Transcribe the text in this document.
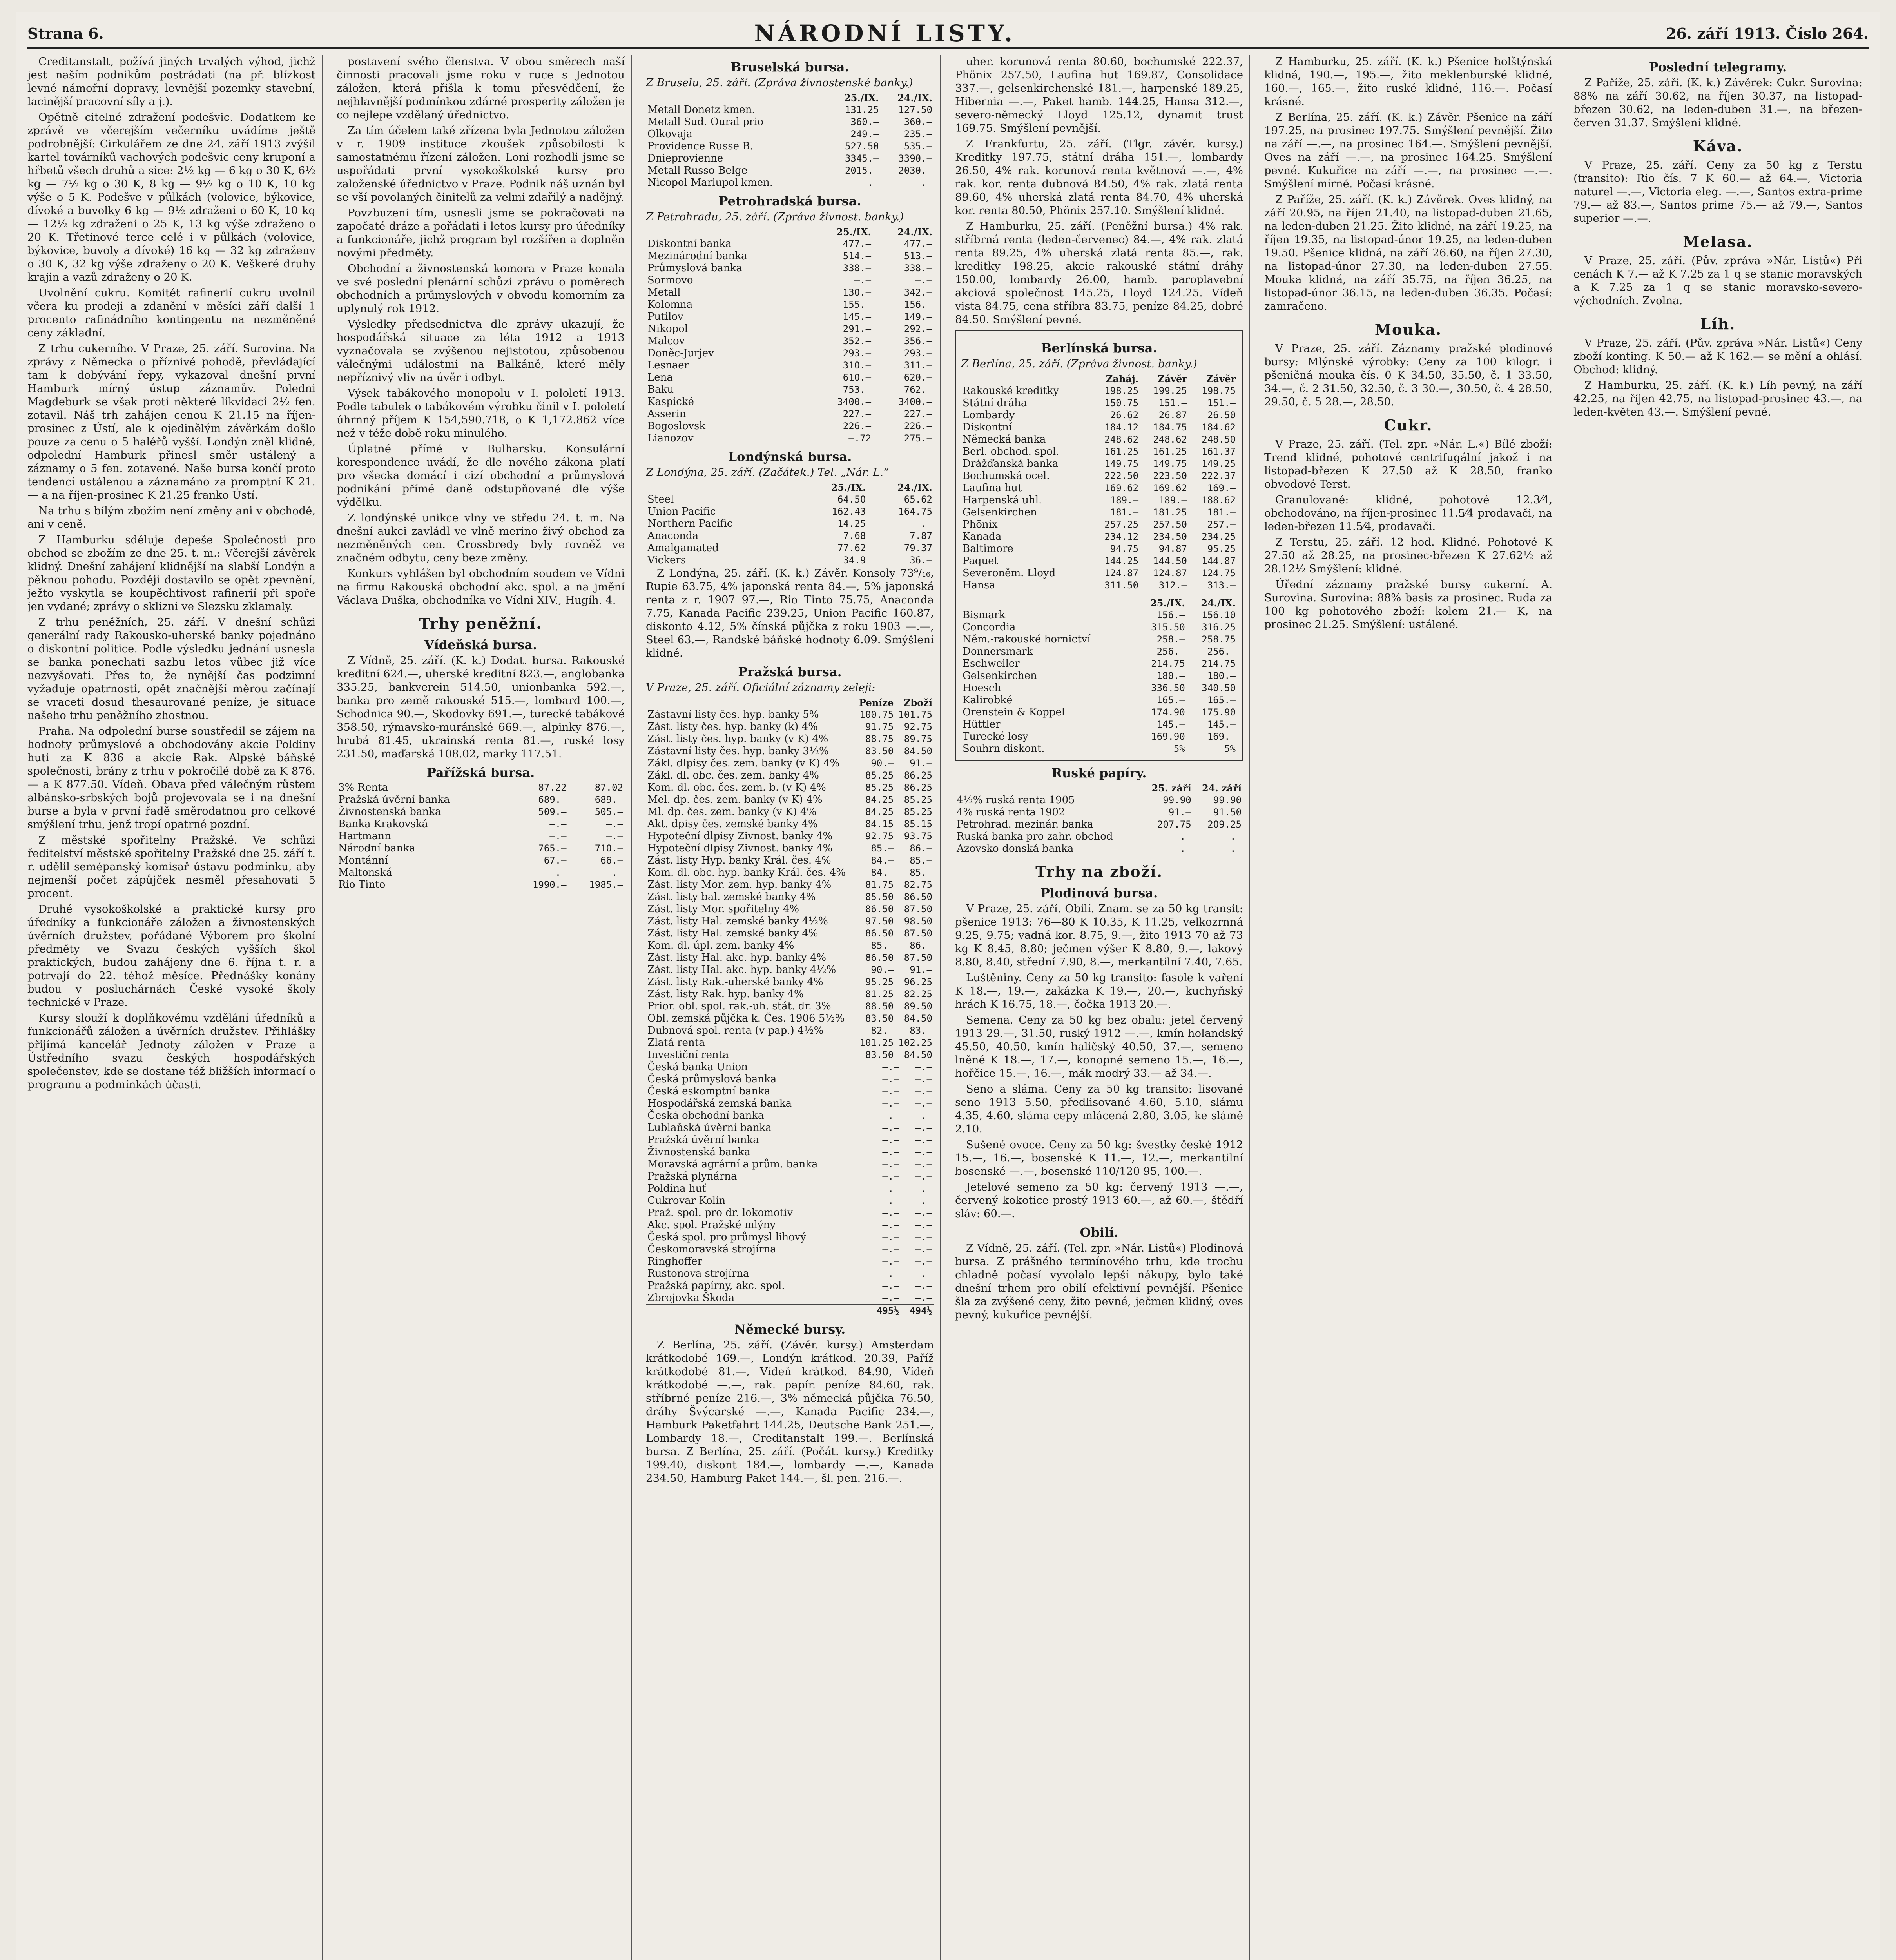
Strana 6.	NÁRODNÍ LISTY.	26. září 1913. Číslo 264.

Creditanstalt, požívá jiných trvalých výhod, jichž jest naším podnikům postrádati (na př. blízkost levné námořní dopravy, levnější pozemky stavební, lacinější pracovní síly a j.).

Opětně citelné zdražení podešvic. Dodatkem ke zprávě ve včerejším večerníku uvádíme ještě podrobnější: Cirkulářem ze dne 24. září 1913 zvýšil kartel továrníků vachových podešvic ceny kruponí a hřbetů všech druhů a sice: 2½ kg — 6 kg o 30 K, 6½ kg — 7½ kg o 30 K, 8 kg — 9½ kg o 10 K, 10 kg výše o 5 K. Podešve v půlkách (volovice, býkovice, dívoké a buvolky 6 kg — 9½ zdraženi o 60 K, 10 kg — 12½ kg zdraženi o 25 K, 13 kg výše zdraženo o 20 K. Třetinové terce celé i v půlkách (volovice, býkovice, buvoly a dívoké) 16 kg — 32 kg zdraženy o 30 K, 32 kg výše zdraženy o 20 K. Veškeré druhy krajin a vazů zdraženy o 20 K.

Uvolnění cukru. Komitét rafinerií cukru uvolnil včera ku prodeji a zdanění v měsíci září další 1 procento rafinádního kontingentu na nezměněné ceny základní.

Z trhu cukerního. V Praze, 25. září. Surovina. Na zprávy z Německa o příznivé pohodě, převládající tam k dobývání řepy, vykazoval dnešní první Hamburk mírný ústup záznamův. Poledni Magdeburk se však proti některé likvidaci 2½ fen. zotavil. Náš trh zahájen cenou K 21.15 na říjen-prosinec z Ústí, ale k ojedinělým závěrkám došlo pouze za cenu o 5 haléřů vyšší. Londýn zněl klidně, odpolední Hamburk přinesl směr ustálený a záznamy o 5 fen. zotavené. Naše bursa končí proto tendencí ustálenou a záznamáno za promptní K 21.— a na říjen-prosinec K 21.25 franko Ústí.

Na trhu s bílým zbožím není změny ani v obchodě, ani v ceně.

Z Hamburku sděluje depeše Společnosti pro obchod se zbožím ze dne 25. t. m.: Včerejší závěrek klidný. Dnešní zahájení klidnější na slabší Londýn a pěknou pohodu. Později dostavilo se opět zpevnění, ježto vyskytla se koupěchtivost rafinerií při spoře jen vydané; zprávy o sklizni ve Slezsku zklamaly.

Z trhu peněžních, 25. září. V dnešní schůzi generální rady Rakousko-uherské banky pojednáno o diskontní politice. Podle výsledku jednání usnesla se banka ponechati sazbu letos vůbec již více nezvyšovati. Přes to, že nynější čas podzimní vyžaduje opatrnosti, opět značnější měrou začínají se vraceti dosud thesaurované peníze, je situace našeho trhu peněžního zhostnou.

Praha. Na odpolední burse soustředil se zájem na hodnoty průmyslové a obchodovány akcie Poldiny huti za K 836 a akcie Rak. Alpské báňské společnosti, brány z trhu v pokročilé době za K 876.— a K 877.50. Vídeň. Obava před válečným růstem albánsko-srbských bojů projevovala se i na dnešní burse a byla v první řadě směrodatnou pro celkové smýšlení trhu, jenž tropí opatrné pozdní.

Z městské spořitelny Pražské. Ve schůzi ředitelství městské spořitelny Pražské dne 25. září t. r. udělil semépanský komisař ústavu podmínku, aby nejmenší počet zápůjček nesměl přesahovati 5 procent.

Druhé vysokoškolské a praktické kursy pro úředníky a funkcionáře záložen a živnostenských úvěrních družstev, pořádané Výborem pro školní předměty ve Svazu českých vyšších škol praktických, budou zahájeny dne 6. října t. r. a potrvají do 22. téhož měsíce. Přednášky konány budou v posluchárnách České vysoké školy technické v Praze.

Kursy slouží k doplňkovému vzdělání úředníků a funkcionářů záložen a úvěrních družstev. Přihlášky přijímá kancelář Jednoty záložen v Praze a Ústředního svazu českých hospodářských společenstev, kde se dostane též bližších informací o programu a podmínkách účasti.

postavení svého členstva. V obou směrech naší činnosti pracovali jsme roku v ruce s Jednotou záložen, která přišla k tomu přesvědčení, že nejhlavnější podmínkou zdárné prosperity záložen je co nejlepe vzdělaný úřednictvo.

Za tím účelem také zřízena byla Jednotou záložen v r. 1909 instituce zkoušek způsobilosti k samostatnému řízení záložen. Loni rozhodli jsme se uspořádati první vysokoškolské kursy pro založenské úřednictvo v Praze. Podnik náš uznán byl se vší povolaných činitelů za velmi zdařilý a nadějný.

Povzbuzeni tím, usnesli jsme se pokračovati na započaté dráze a pořádati i letos kursy pro úředníky a funkcionáře, jichž program byl rozšířen a doplněn novými předměty.

Obchodní a živnostenská komora v Praze konala ve své poslední plenární schůzi zprávu o poměrech obchodních a průmyslových v obvodu komorním za uplynulý rok 1912.

Výsledky předsednictva dle zprávy ukazují, že hospodářská situace za léta 1912 a 1913 vyznačovala se zvýšenou nejistotou, způsobenou válečnými událostmi na Balkáně, které měly nepříznivý vliv na úvěr i odbyt.

Výsek tabákového monopolu v I. pololetí 1913. Podle tabulek o tabákovém výrobku činil v I. pololetí úhrnný příjem K 154,590.718, o K 1,172.862 více než v téže době roku minulého.

Úplatné přímé v Bulharsku. Konsulární korespondence uvádí, že dle nového zákona platí pro všecka domácí i cizí obchodní a průmyslová podnikání přímé daně odstupňované dle výše výdělku.

Z londýnské unikce vlny ve středu 24. t. m. Na dnešní aukci zavládl ve vlně merino živý obchod za nezměněných cen. Crossbredy byly rovněž ve značném odbytu, ceny beze změny.

Konkurs vyhlášen byl obchodním soudem ve Vídni na firmu Rakouská obchodní akc. spol. a na jmění Václava Duška, obchodníka ve Vídni XIV., Hugíh. 4.

Trhy peněžní.
Vídeňská bursa.

Z Vídně, 25. září. (K. k.) Dodat. bursa. Rakouské kreditní 624.—, uherské kreditní 823.—, anglobanka 335.25, bankverein 514.50, unionbanka 592.—, banka pro země rakouské 515.—, lombard 100.—, Schodnica 90.—, Skodovky 691.—, turecké tabákové 358.50, rýmavsko-muránské 669.—, alpinky 876.—, hrubá 81.45, ukrainská renta 81.—, ruské losy 231.50, maďarská 108.02, marky 117.51.

Pařížská bursa.
3% Renta	87.22	87.02
Pražská úvěrní banka	689.—	689.—
Živnostenská banka	509.—	505.—
Banka Krakovská	—.—	—.—
Hartmann	—.—	—.—
Národní banka	765.—	710.—
Montánní	67.—	66.—
Maltonská	—.—	—.—
Rio Tinto	1990.—	1985.—
Bruselská bursa.

Z Bruselu, 25. září. (Zpráva živnostenské banky.)

	25./IX.	24./IX.
Metall Donetz kmen.	131.25	127.50
Metall Sud. Oural prio	360.—	360.—
Olkovaja	249.—	235.—
Providence Russe B.	527.50	535.—
Dnieprovienne	3345.—	3390.—
Metall Russo-Belge	2015.—	2030.—
Nicopol-Mariupol kmen.	—.—	—.—
Petrohradská bursa.

Z Petrohradu, 25. září. (Zpráva živnost. banky.)

	25./IX.	24./IX.
Diskontní banka	477.—	477.—
Mezinárodní banka	514.—	513.—
Průmyslová banka	338.—	338.—
Sormovo	—.—	—.—
Metall	130.—	342.—
Kolomna	155.—	156.—
Putilov	145.—	149.—
Nikopol	291.—	292.—
Malcov	352.—	356.—
Doněc-Jurjev	293.—	293.—
Lesnaer	310.—	311.—
Lena	610.—	620.—
Baku	753.—	762.—
Kaspické	3400.—	3400.—
Asserin	227.—	227.—
Bogoslovsk	226.—	226.—
Lianozov	—.72	275.—
Londýnská bursa.

Z Londýna, 25. září. (Začátek.) Tel. „Nár. L.“

	25./IX.	24./IX.
Steel	64.50	65.62
Union Pacific	162.43	164.75
Northern Pacific	14.25	—.—
Anaconda	7.68	7.87
Amalgamated	77.62	79.37
Vickers	34.9	36.—

Z Londýna, 25. září. (K. k.) Závěr. Konsoly 73⁹/₁₆, Rupie 63.75, 4% japonská renta 84.—, 5% japonská renta z r. 1907 97.—, Rio Tinto 75.75, Anaconda 7.75, Kanada Pacific 239.25, Union Pacific 160.87, diskonto 4.12, 5% čínská půjčka z roku 1903 —.—, Steel 63.—, Randské báňské hodnoty 6.09. Smýšlení klidné.

Pražská bursa.

V Praze, 25. září. Oficiální záznamy zeleji:

	Peníze	Zboží
Zástavní listy čes. hyp. banky 5%	100.75	101.75
Zást. listy čes. hyp. banky (k) 4%	91.75	92.75
Zást. listy čes. hyp. banky (v K) 4%	88.75	89.75
Zástavní listy čes. hyp. banky 3½%	83.50	84.50
Zákl. dlpisy čes. zem. banky (v K) 4%	90.—	91.—
Zákl. dl. obc. čes. zem. banky 4%	85.25	86.25
Kom. dl. obc. čes. zem. b. (v K) 4%	85.25	86.25
Mel. dp. čes. zem. banky (v K) 4%	84.25	85.25
Ml. dp. čes. zem. banky (v K) 4%	84.25	85.25
Akt. dpisy čes. zemské banky 4%	84.15	85.15
Hypoteční dlpisy Zivnost. banky 4%	92.75	93.75
Hypoteční dlpisy Zivnost. banky 4%	85.—	86.—
Zást. listy Hyp. banky Král. čes. 4%	84.—	85.—
Kom. dl. obc. hyp. banky Král. čes. 4%	84.—	85.—
Zást. listy Mor. zem. hyp. banky 4%	81.75	82.75
Zást. listy bal. zemské banky 4%	85.50	86.50
Zást. listy Mor. spořitelny 4%	86.50	87.50
Zást. listy Hal. zemské banky 4½%	97.50	98.50
Zást. listy Hal. zemské banky 4%	86.50	87.50
Kom. dl. úpl. zem. banky 4%	85.—	86.—
Zást. listy Hal. akc. hyp. banky 4%	86.50	87.50
Zást. listy Hal. akc. hyp. banky 4½%	90.—	91.—
Zást. listy Rak.-uherské banky 4%	95.25	96.25
Zást. listy Rak. hyp. banky 4%	81.25	82.25
Prior. obl. spol. rak.-uh. stát. dr. 3%	88.50	89.50
Obl. zemská půjčka k. Čes. 1906 5½%	83.50	84.50
Dubnová spol. renta (v pap.) 4½%	82.—	83.—
Zlatá renta	101.25	102.25
Investiční renta	83.50	84.50
Česká banka Union	—.—	—.—
Česká průmyslová banka	—.—	—.—
Česká eskomptní banka	—.—	—.—
Hospodářská zemská banka	—.—	—.—
Česká obchodní banka	—.—	—.—
Lublaňská úvěrní banka	—.—	—.—
Pražská úvěrní banka	—.—	—.—
Živnostenská banka	—.—	—.—
Moravská agrární a prům. banka	—.—	—.—
Pražská plynárna	—.—	—.—
Poldina huť	—.—	—.—
Cukrovar Kolín	—.—	—.—
Praž. spol. pro dr. lokomotiv	—.—	—.—
Akc. spol. Pražské mlýny	—.—	—.—
Česká spol. pro průmysl lihový	—.—	—.—
Českomoravská strojírna	—.—	—.—
Ringhoffer	—.—	—.—
Rustonova strojírna	—.—	—.—
Pražská papírny, akc. spol.	—.—	—.—
Zbrojovka Škoda	—.—	—.—
	495½	494½
Německé bursy.

Z Berlína, 25. září. (Závěr. kursy.) Amsterdam krátkodobé 169.—, Londýn krátkod. 20.39, Paříž krátkodobé 81.—, Vídeň krátkod. 84.90, Vídeň krátkodobé —.—, rak. papír. peníze 84.60, rak. stříbrné peníze 216.—, 3% německá půjčka 76.50, dráhy Švýcarské —.—, Kanada Pacific 234.—, Hamburk Paketfahrt 144.25, Deutsche Bank 251.—, Lombardy 18.—, Creditanstalt 199.—. Berlínská bursa. Z Berlína, 25. září. (Počát. kursy.) Kreditky 199.40, diskont 184.—, lombardy —.—, Kanada 234.50, Hamburg Paket 144.—, šl. pen. 216.—.

uher. korunová renta 80.60, bochumské 222.37, Phönix 257.50, Laufina hut 169.87, Consolidace 337.—, gelsenkirchenské 181.—, harpenské 189.25, Hibernia —.—, Paket hamb. 144.25, Hansa 312.—, severo-německý Lloyd 125.12, dynamit trust 169.75. Smýšlení pevnější.

Z Frankfurtu, 25. září. (Tlgr. závěr. kursy.) Kreditky 197.75, státní dráha 151.—, lombardy 26.50, 4% rak. korunová renta květnová —.—, 4% rak. kor. renta dubnová 84.50, 4% rak. zlatá renta 89.60, 4% uherská zlatá renta 84.70, 4% uherská kor. renta 80.50, Phönix 257.10. Smýšlení klidné.

Z Hamburku, 25. září. (Peněžní bursa.) 4% rak. stříbrná renta (leden-červenec) 84.—, 4% rak. zlatá renta 89.25, 4% uherská zlatá renta 85.—, rak. kreditky 198.25, akcie rakouské státní dráhy 150.00, lombardy 26.00, hamb. paroplavební akciová společnost 145.25, Lloyd 124.25. Vídeň vista 84.75, cena stříbra 83.75, peníze 84.25, dobré 84.50. Smýšlení pevné.

Berlínská bursa.

Z Berlína, 25. září. (Zpráva živnost. banky.)

	Zaháj.	Závěr	Závěr
Rakouské kreditky	198.25	199.25	198.75
Státní dráha	150.75	151.—	151.—
Lombardy	26.62	26.87	26.50
Diskontní	184.12	184.75	184.62
Německá banka	248.62	248.62	248.50
Berl. obchod. spol.	161.25	161.25	161.37
Drážďanská banka	149.75	149.75	149.25
Bochumská ocel.	222.50	223.50	222.37
Laufina hut	169.62	169.62	169.—
Harpenská uhl.	189.—	189.—	188.62
Gelsenkirchen	181.—	181.25	181.—
Phönix	257.25	257.50	257.—
Kanada	234.12	234.50	234.25
Baltimore	94.75	94.87	95.25
Paquet	144.25	144.50	144.87
Severoněm. Lloyd	124.87	124.87	124.75
Hansa	311.50	312.—	313.—
	25./IX.	24./IX.
Bismark	156.—	156.10
Concordia	315.50	316.25
Něm.-rakouské hornictví	258.—	258.75
Donnersmark	256.—	256.—
Eschweiler	214.75	214.75
Gelsenkirchen	180.—	180.—
Hoesch	336.50	340.50
Kalirobké	165.—	165.—
Orenstein & Koppel	174.90	175.90
Hüttler	145.—	145.—
Turecké losy	169.90	169.—
Souhrn diskont.	5%	5%
Ruské papíry.
	25. září	24. září
4½% ruská renta 1905	99.90	99.90
4% ruská renta 1902	91.—	91.50
Petrohrad. mezinár. banka	207.75	209.25
Ruská banka pro zahr. obchod	—.—	—.—
Azovsko-donská banka	—.—	—.—
Trhy na zboží.
Plodinová bursa.

V Praze, 25. září. Obilí. Znam. se za 50 kg transit: pšenice 1913: 76—80 K 10.35, K 11.25, velkozrnná 9.25, 9.75; vadná kor. 8.75, 9.—, žito 1913 70 až 73 kg K 8.45, 8.80; ječmen výšer K 8.80, 9.—, lakový 8.80, 8.40, střední 7.90, 8.—, merkantilní 7.40, 7.65.

Luštěniny. Ceny za 50 kg transito: fasole k vaření K 18.—, 19.—, zakázka K 19.—, 20.—, kuchyňský hrách K 16.75, 18.—, čočka 1913 20.—.

Semena. Ceny za 50 kg bez obalu: jetel červený 1913 29.—, 31.50, ruský 1912 —.—, kmín holandský 45.50, 40.50, kmín haličský 40.50, 37.—, semeno lněné K 18.—, 17.—, konopné semeno 15.—, 16.—, hořčice 15.—, 16.—, mák modrý 33.— až 34.—.

Seno a sláma. Ceny za 50 kg transito: lisované seno 1913 5.50, předlisované 4.60, 5.10, slámu 4.35, 4.60, sláma cepy mlácená 2.80, 3.05, ke slámě 2.10.

Sušené ovoce. Ceny za 50 kg: švestky české 1912 15.—, 16.—, bosenské K 11.—, 12.—, merkantilní bosenské —.—, bosenské 110/120 95, 100.—.

Jetelové semeno za 50 kg: červený 1913 —.—, červený kokotice prostý 1913 60.—, až 60.—, štědří sláv: 60.—.

Obilí.

Z Vídně, 25. září. (Tel. zpr. »Nár. Listů«) Plodinová bursa. Z prášného termínového trhu, kde trochu chladně počasí vyvolalo lepší nákupy, bylo také dnešní trhem pro obilí efektivní pevnější. Pšenice šla za zvýšené ceny, žito pevné, ječmen klidný, oves pevný, kukuřice pevnější.

Z Hamburku, 25. září. (K. k.) Pšenice holštýnská klidná, 190.—, 195.—, žito meklenburské klidné, 160.—, 165.—, žito ruské klidné, 116.—. Počasí krásné.

Z Berlína, 25. září. (K. k.) Závěr. Pšenice na září 197.25, na prosinec 197.75. Smýšlení pevnější. Žito na září —.—, na prosinec 164.—. Smýšlení pevnější. Oves na září —.—, na prosinec 164.25. Smýšlení pevné. Kukuřice na září —.—, na prosinec —.—. Smýšlení mírné. Počasí krásné.

Z Paříže, 25. září. (K. k.) Závěrek. Oves klidný, na září 20.95, na říjen 21.40, na listopad-duben 21.65, na leden-duben 21.25. Žito klidné, na září 19.25, na říjen 19.35, na listopad-únor 19.25, na leden-duben 19.50. Pšenice klidná, na září 26.60, na říjen 27.30, na listopad-únor 27.30, na leden-duben 27.55. Mouka klidná, na září 35.75, na říjen 36.25, na listopad-únor 36.15, na leden-duben 36.35. Počasí: zamračeno.

Mouka.

V Praze, 25. září. Záznamy pražské plodinové bursy: Mlýnské výrobky: Ceny za 100 kilogr. i pšeničná mouka čís. 0 K 34.50, 35.50, č. 1 33.50, 34.—, č. 2 31.50, 32.50, č. 3 30.—, 30.50, č. 4 28.50, 29.50, č. 5 28.—, 28.50.

Cukr.

V Praze, 25. září. (Tel. zpr. »Nár. L.«) Bílé zboží: Trend klidné, pohotové centrifugální jakož i na listopad-březen K 27.50 až K 28.50, franko obvodové Terst.

Granulované: klidné, pohotové 12.3⁄4, obchodováno, na říjen-prosinec 11.5⁄4 prodavači, na leden-březen 11.5⁄4, prodavači.

Z Terstu, 25. září. 12 hod. Klidné. Pohotové K 27.50 až 28.25, na prosinec-březen K 27.62½ až 28.12½ Smýšlení: klidné.

Úřední záznamy pražské bursy cukerní. A. Surovina. Surovina: 88% basis za prosinec. Ruda za 100 kg pohotového zboží: kolem 21.— K, na prosinec 21.25. Smýšlení: ustálené.

Poslední telegramy.

Z Paříže, 25. září. (K. k.) Závěrek: Cukr. Surovina: 88% na září 30.62, na říjen 30.37, na listopad-březen 30.62, na leden-duben 31.—, na březen-červen 31.37. Smýšlení klidné.

Káva.

V Praze, 25. září. Ceny za 50 kg z Terstu (transito): Rio čís. 7 K 60.— až 64.—, Victoria naturel —.—, Victoria eleg. —.—, Santos extra-prime 79.— až 83.—, Santos prime 75.— až 79.—, Santos superior —.—.

Melasa.

V Praze, 25. září. (Pův. zpráva »Nár. Listů«) Při cenách K 7.— až K 7.25 za 1 q se stanic moravských a K 7.25 za 1 q se stanic moravsko-severo-východních. Zvolna.

Líh.

V Praze, 25. září. (Pův. zpráva »Nár. Listů«) Ceny zboží konting. K 50.— až K 162.— se mění a ohlásí. Obchod: klidný.

Z Hamburku, 25. září. (K. k.) Líh pevný, na září 42.25, na říjen 42.75, na listopad-prosinec 43.—, na leden-květen 43.—. Smýšlení pevné.
